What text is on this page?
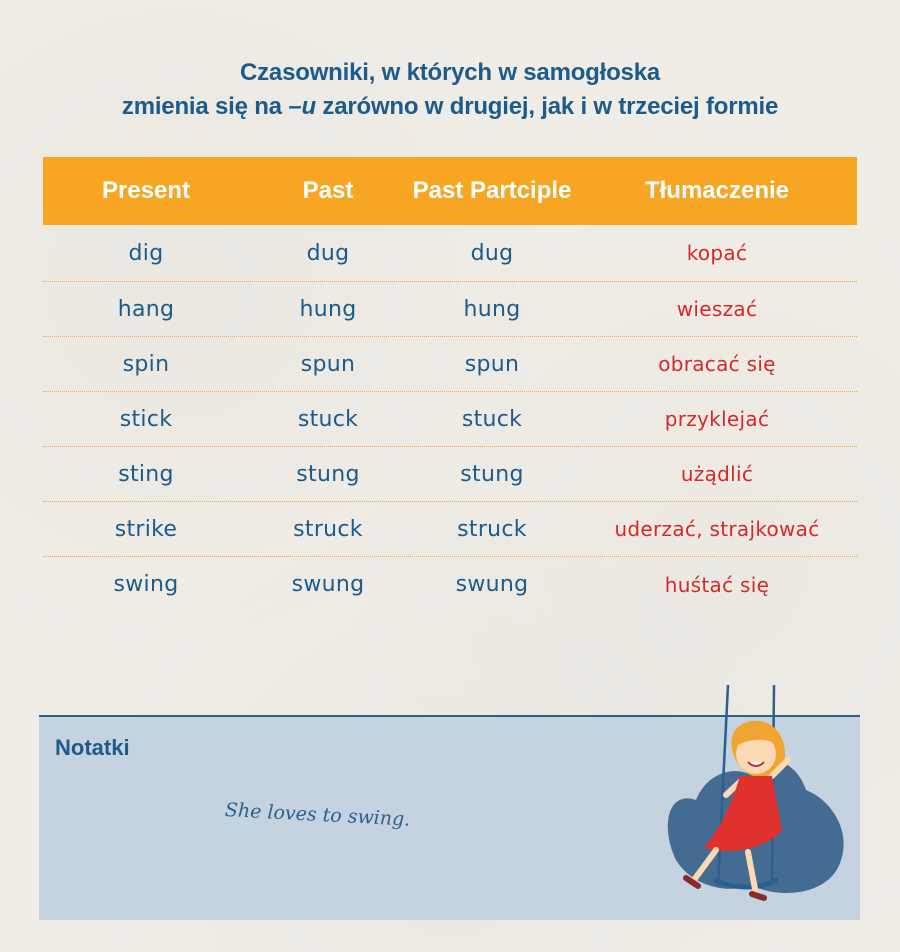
Czasowniki, w których w samogłoska
zmienia się na –u zarówno w drugiej, jak i w trzeciej formie
Present	Past	Past Partciple	Tłumaczenie
dig	dug	dug	kopać
hang	hung	hung	wieszać
spin	spun	spun	obracać się
stick	stuck	stuck	przyklejać
sting	stung	stung	użądlić
strike	struck	struck	uderzać, strajkować
swing	swung	swung	huśtać się
Notatki
She loves to swing.
